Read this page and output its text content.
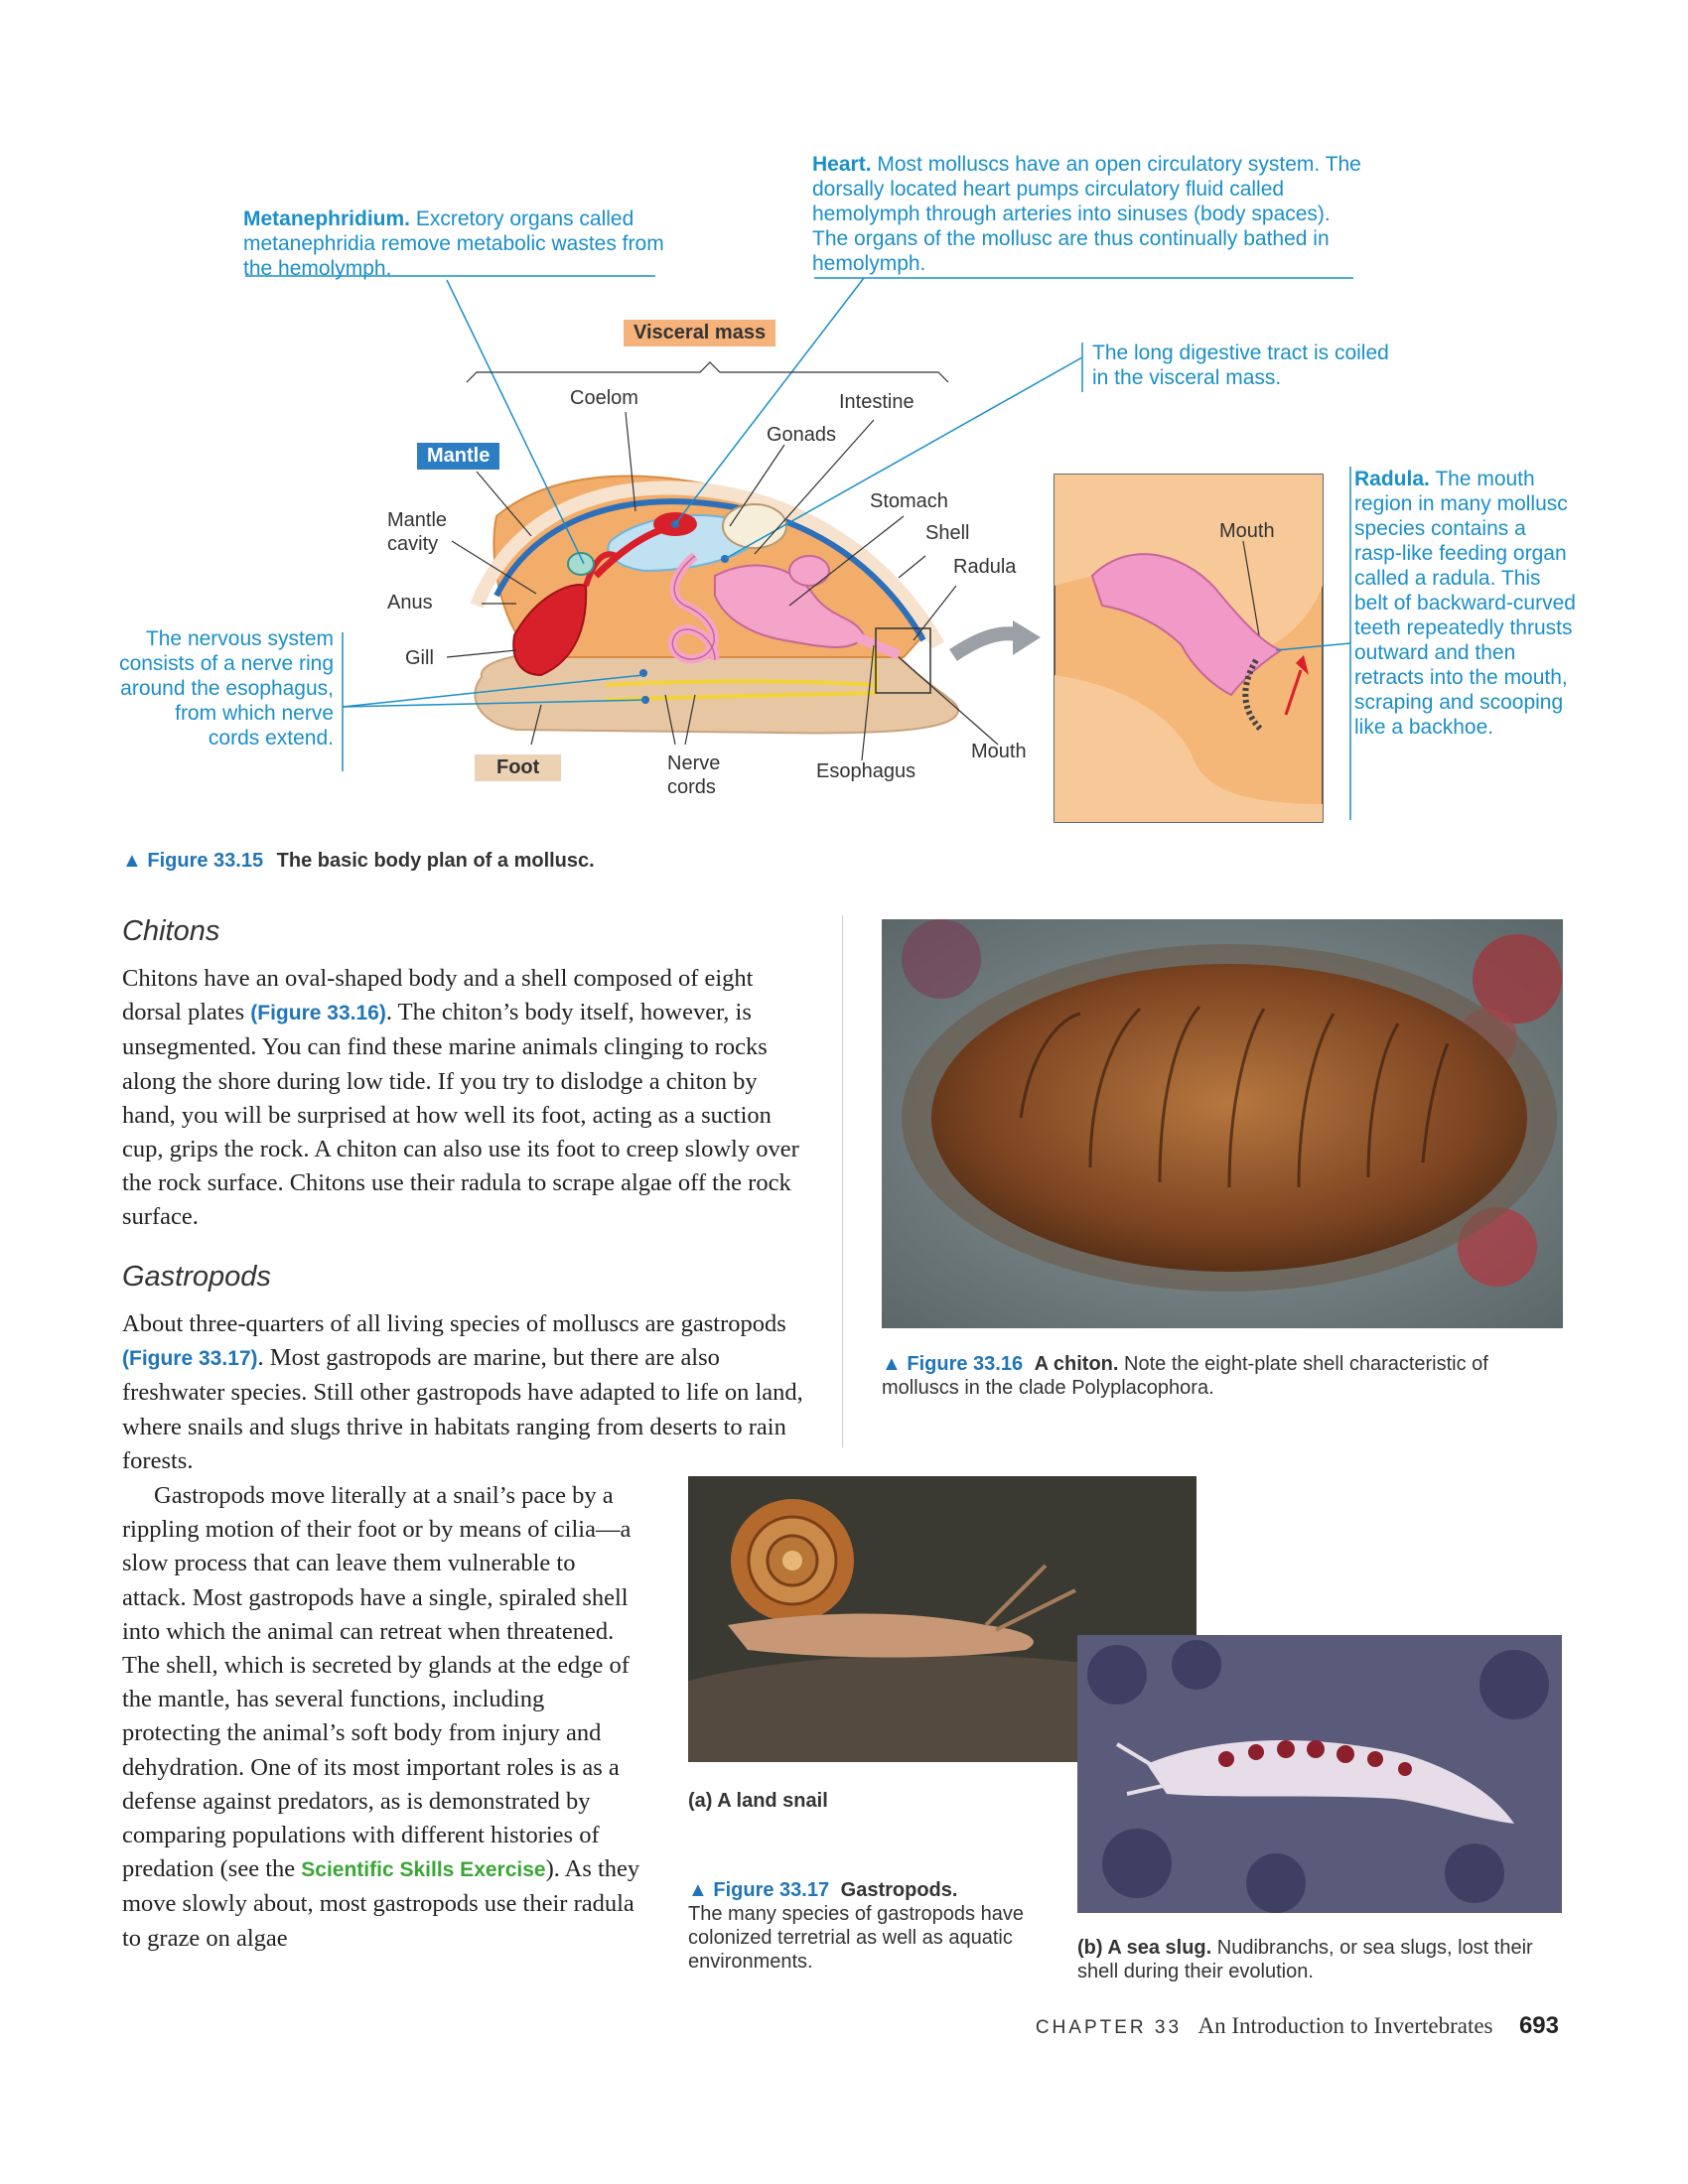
Metanephridium. Excretory organs called metanephridia remove metabolic wastes from the hemolymph.
Heart. Most molluscs have an open circulatory system. The dorsally located heart pumps circulatory fluid called hemolymph through arteries into sinuses (body spaces). The organs of the mollusc are thus continually bathed in hemolymph.
The long digestive tract is coiled in the visceral mass.
The nervous system consists of a nerve ring around the esophagus, from which nerve cords extend.
Radula. The mouth region in many mollusc species contains a rasp-like feeding organ called a radula. This belt of backward-curved teeth repeatedly thrusts outward and then retracts into the mouth, scraping and scooping like a backhoe.
Visceral mass
Mantle
Foot
Coelom	Intestine
Gonads
Mantle
cavity
Stomach
Shell
Radula
Anus
Gill
Nerve
cords
Esophagus
Mouth
Mouth
▲ Figure 33.15 The basic body plan of a mollusc.
Chitons

Chitons have an oval-shaped body and a shell composed of eight dorsal plates (Figure 33.16). The chiton’s body itself, however, is unsegmented. You can find these marine animals clinging to rocks along the shore during low tide. If you try to dislodge a chiton by hand, you will be surprised at how well its foot, acting as a suction cup, grips the rock. A chiton can also use its foot to creep slowly over the rock surface. Chitons use their radula to scrape algae off the rock surface.

Gastropods

About three-quarters of all living species of molluscs are gastropods (Figure 33.17). Most gastropods are marine, but there are also freshwater species. Still other gastropods have adapted to life on land, where snails and slugs thrive in habitats ranging from deserts to rain forests.

Gastropods move literally at a snail’s pace by a rippling motion of their foot or by means of cilia—a slow process that can leave them vulnerable to attack. Most gastropods have a single, spiraled shell into which the animal can retreat when threatened. The shell, which is secreted by glands at the edge of the mantle, has several functions, including protecting the animal’s soft body from injury and dehydration. One of its most important roles is as a defense against predators, as is demonstrated by comparing populations with different histories of predation (see the Scientific Skills Exercise). As they move slowly about, most gastropods use their radula to graze on algae

▲ Figure 33.16 A chiton. Note the eight-plate shell characteristic of molluscs in the clade Polyplacophora.
(a) A land snail
▲ Figure 33.17 Gastropods.
The many species of gastropods have colonized terretrial as well as aquatic environments.
(b) A sea slug. Nudibranchs, or sea slugs, lost their shell during their evolution.
CHAPTER 33 An Introduction to Invertebrates 693
